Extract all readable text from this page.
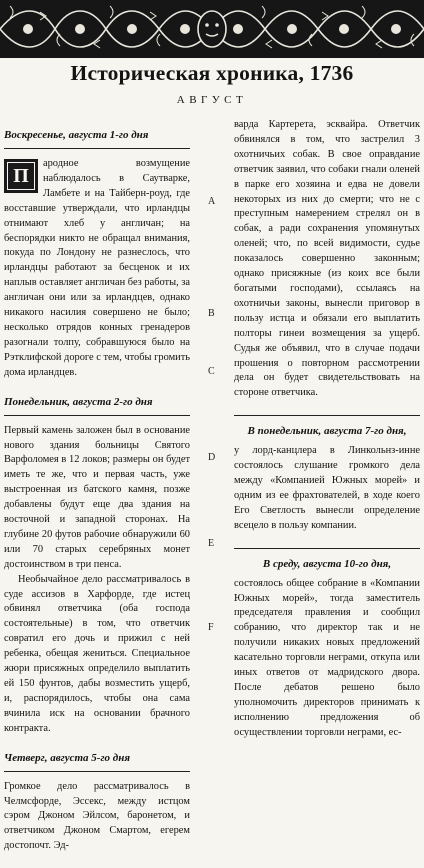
Историческая хроника, 1736
АВГУСТ
Воскресенье, августа 1-го дня
П

ародное возмущение наблюдалось в Саутварке, Ламбете и на Тайберн-роуд, где восставшие утверждали, что ирландцы отнимают хлеб у англичан; на беспорядки никто не обращал внимания, покуда по Лондону не разнеслось, что ирландцы работают за бесценок и их наплыв оставляет англичан без работы, за англичан они или за ирландцев, однако никакого насилия совершено не было; несколько отрядов конных гренадеров разогнали толпу, собравшуюся было на Рэтклифской дороге с тем, чтобы громить дома ирландцев.

Понедельник, августа 2-го дня

Первый камень заложен был в основание нового здания больницы Святого Варфоломея в 12 локов; размеры он будет иметь те же, что и первая часть, уже выстроенная из батского камня, позже добавлены будут еще два здания на восточной и западной сторонах. На глубине 20 футов рабочие обнаружили 60 или 70 старых серебряных монет достоинством в три пенса.

Необычайное дело рассматривалось в суде ассизов в Харфорде, где истец обвинял ответчика (оба господа состоятельные) в том, что ответчик совратил его дочь и прижил с ней ребенка, обещая жениться. Специальное жюри присяжных определило выплатить ей 150 фунтов, дабы возместить ущерб, и, распорядилось, чтобы она сама вчинила иск на основании брачного контракта.

Четверг, августа 5-го дня

Громкое дело рассматривалось в Челмсфорде, Эссекс, между истцом сэром Джоном Эйлсом, баронетом, и ответчиком Джоном Смартом, егерем достопочт. Эд-

A
B
C
D
E
F

варда Картерета, эсквайра. Ответчик обвинялся в том, что застрелил 3 охотничьих собак. В свое оправдание ответчик заявил, что собаки гнали оленей в парке его хозяина и едва не довели некоторых из них до смерти; что не с преступным намерением стрелял он в собак, а ради сохранения упомянутых оленей; что, по всей видимости, судье показалось совершенно законным; однако присяжные (из коих все были богатыми господами), ссылаясь на охотничьи законы, вынесли приговор в пользу истца и обязали его выплатить полторы гинеи возмещения за ущерб. Судья же объявил, что в случае подачи прошения о повторном рассмотрении дела он будет свидетельствовать на стороне ответчика.

В понедельник, августа 7-го дня,

у лорд-канцлера в Линкольнз-инне состоялось слушание громкого дела между «Компанией Южных морей» и одним из ее фрахтователей, в ходе коего Его Светлость вынесли определение всецело в пользу компании.

В среду, августа 10-го дня,

состоялось общее собрание в «Компании Южных морей», тогда заместитель председателя правления и сообщил собранию, что директор так и не получили никаких новых предложений касательно торговли неграми, откупа или иных ответов от мадридского двора. После дебатов решено было уполномочить директоров принимать к исполнению предложения об осуществлении торговли неграми, ес-
